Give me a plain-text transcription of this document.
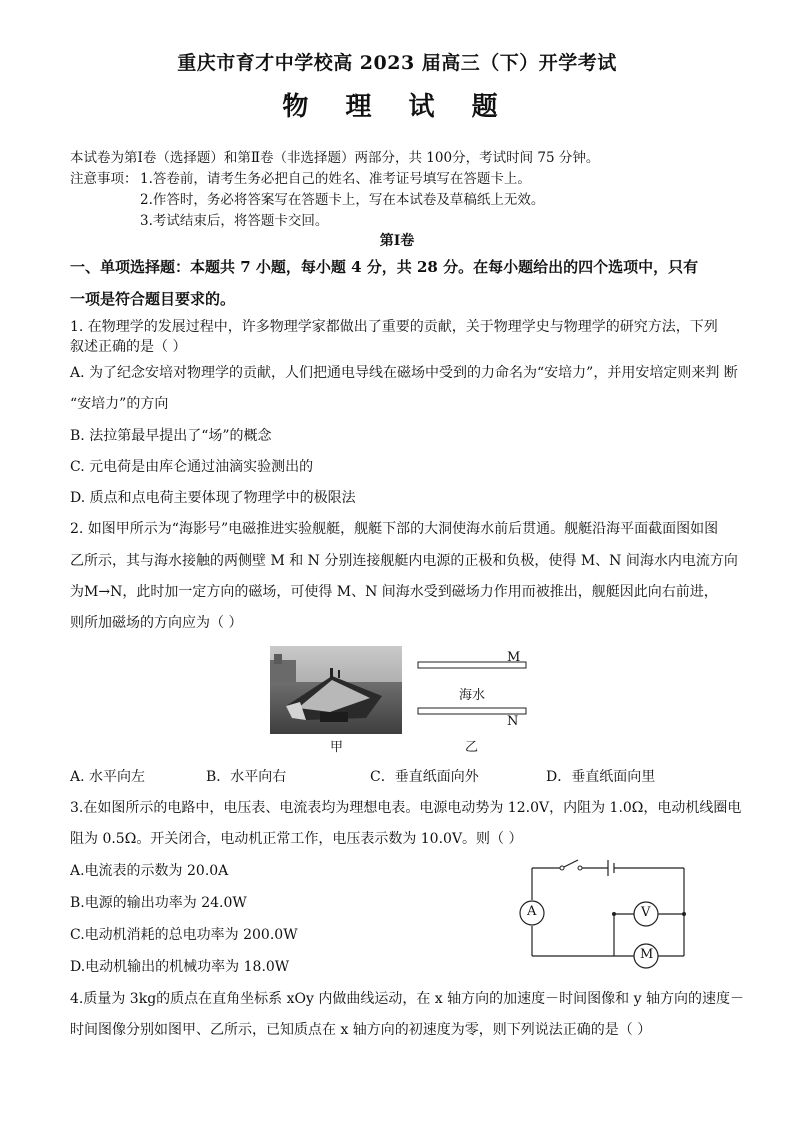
重庆市育才中学校高 2023 届高三（下）开学考试
物 理 试 题
本试卷为第Ⅰ卷（选择题）和第Ⅱ卷（非选择题）两部分，共 100分，考试时间 75 分钟。
注意事项： 1.答卷前，请考生务必把自己的姓名、准考证号填写在答题卡上。
2.作答时，务必将答案写在答题卡上，写在本试卷及草稿纸上无效。
3.考试结束后，将答题卡交回。
第Ⅰ卷
一、单项选择题：本题共 7 小题，每小题 4 分，共 28 分。在每小题给出的四个选项中，只有
一项是符合题目要求的。
1. 在物理学的发展过程中，许多物理学家都做出了重要的贡献，关于物理学史与物理学的研究方法，下列
叙述正确的是（ ）
A. 为了纪念安培对物理学的贡献，人们把通电导线在磁场中受到的力命名为“安培力”，并用安培定则来判 断
“安培力”的方向
B. 法拉第最早提出了“场”的概念
C. 元电荷是由库仑通过油滴实验测出的
D. 质点和点电荷主要体现了物理学中的极限法
2. 如图甲所示为“海影号”电磁推进实验舰艇，舰艇下部的大洞使海水前后贯通。舰艇沿海平面截面图如图
乙所示，其与海水接触的两侧壁 M 和 N 分别连接舰艇内电源的正极和负极，使得 M、N 间海水内电流方向
为M→N，此时加一定方向的磁场，可使得 M、N 间海水受到磁场力作用而被推出，舰艇因此向右前进，
则所加磁场的方向应为（ ）
甲
M
N
海水
乙
A. 水平向左	B．水平向右	C．垂直纸面向外	D．垂直纸面向里
3.在如图所示的电路中，电压表、电流表均为理想电表。电源电动势为 12.0V，内阻为 1.0Ω，电动机线圈电
阻为 0.5Ω。开关闭合，电动机正常工作，电压表示数为 10.0V。则（ ）
A.电流表的示数为 20.0A
B.电源的输出功率为 24.0W
C.电动机消耗的总电功率为 200.0W
D.电动机输出的机械功率为 18.0W
A	V
M
4.质量为 3kg的质点在直角坐标系 xOy 内做曲线运动，在 x 轴方向的加速度－时间图像和 y 轴方向的速度－
时间图像分别如图甲、乙所示，已知质点在 x 轴方向的初速度为零，则下列说法正确的是（ ）
